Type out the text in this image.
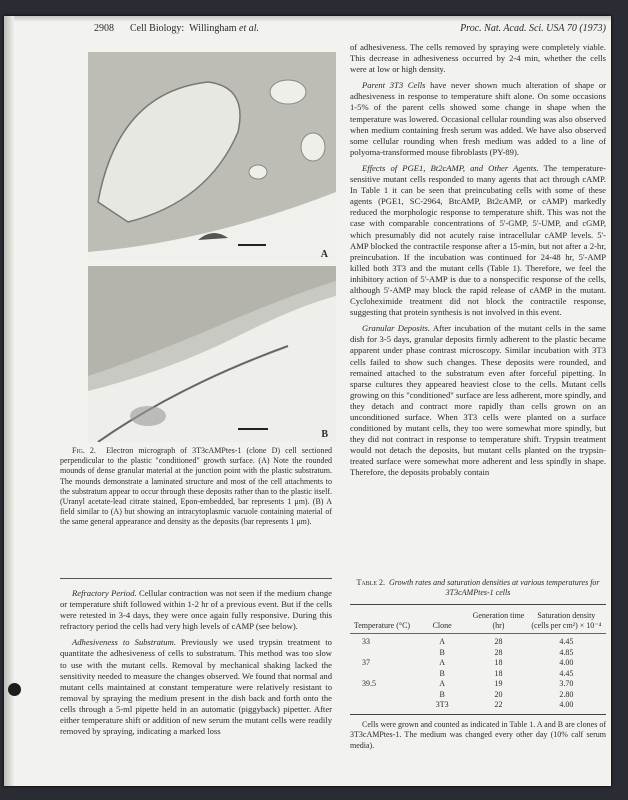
2908 Cell Biology: Willingham et al.	Proc. Nat. Acad. Sci. USA 70 (1973)
A
B
Fig. 2. Electron micrograph of 3T3cAMPtes-1 (clone D) cell sectioned perpendicular to the plastic "conditioned" growth surface. (A) Note the rounded mounds of dense granular material at the junction point with the plastic substratum. The mounds demonstrate a laminated structure and most of the cell attachments to the substratum appear to occur through these deposits rather than to the plastic itself. (Uranyl acetate-lead citrate stained, Epon-embedded, bar represents 1 μm). (B) A field similar to (A) but showing an intracytoplasmic vacuole containing material of the same general appearance and density as the deposits (bar represents 1 μm).

Refractory Period. Cellular contraction was not seen if the medium change or temperature shift followed within 1-2 hr of a previous event. But if the cells were retested in 3-4 days, they were once again fully responsive. During this refractory period the cells had very high levels of cAMP (see below).

Adhesiveness to Substratum. Previously we used trypsin treatment to quantitate the adhesiveness of cells to substratum. This method was too slow to use with the mutant cells. Removal by mechanical shaking lacked the sensitivity needed to measure the changes observed. We found that normal and mutant cells maintained at constant temperature were relatively resistant to removal by spraying the medium present in the dish back and forth onto the cells through a 5-ml pipette held in an automatic (piggyback) pipetter. After either temperature shift or addition of new serum the mutant cells were readily removed by spraying, indicating a marked loss

of adhesiveness. The cells removed by spraying were completely viable. This decrease in adhesiveness occurred by 2-4 min, whether the cells were at low or high density.

Parent 3T3 Cells have never shown much alteration of shape or adhesiveness in response to temperature shift alone. On some occasions 1-5% of the parent cells showed some change in shape when the temperature was lowered. Occasional cellular rounding was also observed when medium containing fresh serum was added. We have also observed some cellular rounding when fresh medium was added to a line of polyoma-transformed mouse fibroblasts (PY-89).

Effects of PGE1, Bt2cAMP, and Other Agents. The temperature-sensitive mutant cells responded to many agents that act through cAMP. In Table 1 it can be seen that preincubating cells with some of these agents (PGE1, SC-2964, BtcAMP, Bt2cAMP, or cAMP) markedly reduced the morphologic response to temperature shift. This was not the case with comparable concentrations of 5'-GMP, 5'-UMP, and cGMP, which presumably did not acutely raise intracellular cAMP levels. 5'-AMP blocked the contractile response after a 15-min, but not after a 2-hr, preincubation. If the incubation was continued for 24-48 hr, 5'-AMP killed both 3T3 and the mutant cells (Table 1). Therefore, we feel the inhibitory action of 5'-AMP is due to a nonspecific response of the cells, although 5'-AMP may block the rapid release of cAMP in the mutant. Cycloheximide treatment did not block the contractile response, suggesting that protein synthesis is not involved in this event.

Granular Deposits. After incubation of the mutant cells in the same dish for 3-5 days, granular deposits firmly adherent to the plastic became apparent under phase contrast microscopy. Similar incubation with 3T3 cells failed to show such changes. These deposits were rounded, and remained attached to the substratum even after forceful pipetting. In sparse cultures they appeared heaviest close to the cells. Mutant cells growing on this "conditioned" surface are less adherent, more spindly, and they detach and contract more rapidly than cells grown on an unconditioned surface. When 3T3 cells were planted on a surface conditioned by mutant cells, they too were somewhat more spindly, but they did not contract in response to temperature shift. Trypsin treatment would not detach the deposits, but mutant cells planted on the trypsin-treated surface were somewhat more adherent and less spindly in shape. Therefore, the deposits probably contain

Table 2. Growth rates and saturation densities at various temperatures for 3T3cAMPtes-1 cells
Temperature (°C)	Clone	Generation time (hr)	Saturation density (cells per cm²) × 10⁻⁴
33	A	28	4.45
	B	28	4.85
37	A	18	4.00
	B	18	4.45
39.5	A	19	3.70
	B	20	2.80
	3T3	22	4.00
Cells were grown and counted as indicated in Table 1. A and B are clones of 3T3cAMPtes-1. The medium was changed every other day (10% calf serum media).
